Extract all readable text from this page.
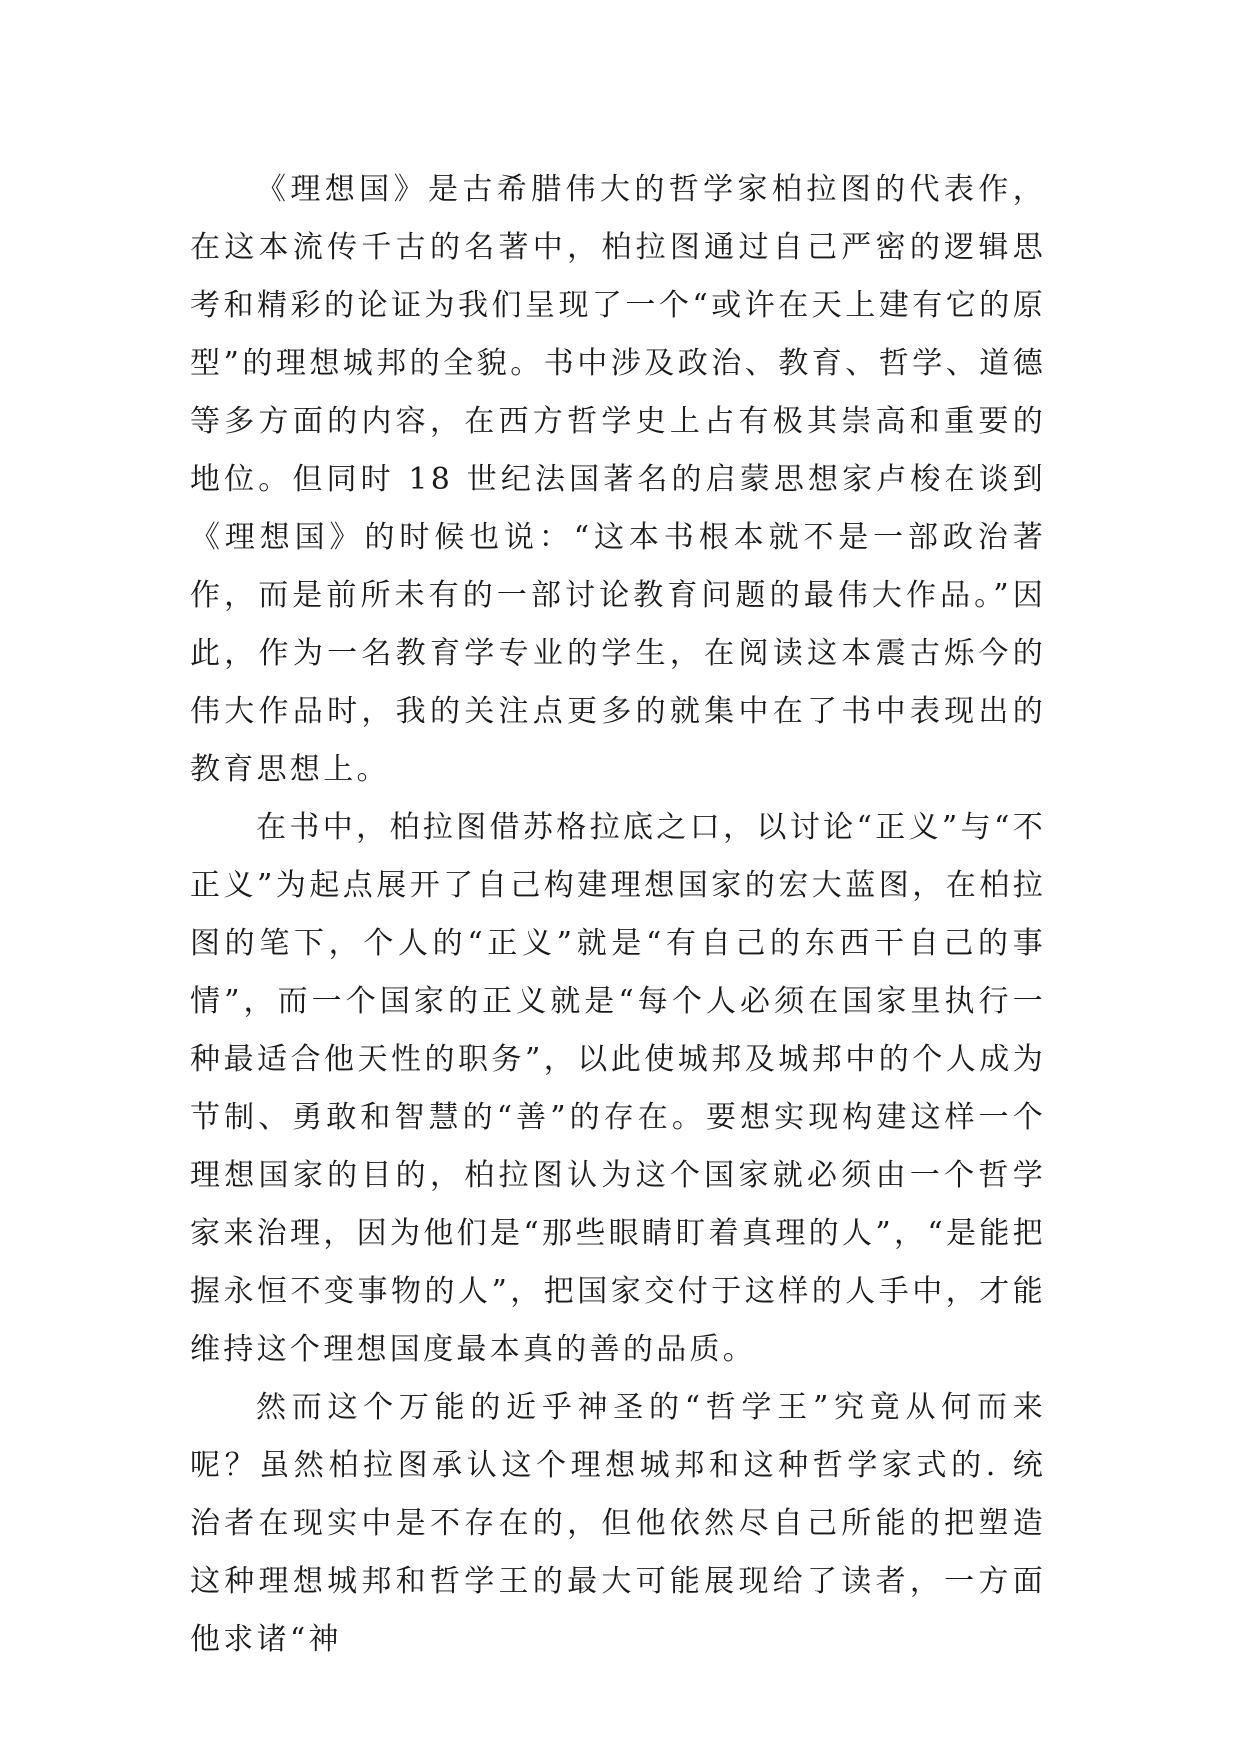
《理想国》是古希腊伟大的哲学家柏拉图的代表作，在这本流传千古的名著中，柏拉图通过自己严密的逻辑思考和精彩的论证为我们呈现了一个“或许在天上建有它的原型”的理想城邦的全貌。书中涉及政治、教育、哲学、道德等多方面的内容，在西方哲学史上占有极其崇高和重要的地位。但同时 18 世纪法国著名的启蒙思想家卢梭在谈到《理想国》的时候也说：“这本书根本就不是一部政治著作，而是前所未有的一部讨论教育问题的最伟大作品。”因此，作为一名教育学专业的学生，在阅读这本震古烁今的伟大作品时，我的关注点更多的就集中在了书中表现出的教育思想上。

在书中，柏拉图借苏格拉底之口，以讨论“正义”与“不正义”为起点展开了自己构建理想国家的宏大蓝图，在柏拉图的笔下，个人的“正义”就是“有自己的东西干自己的事情”，而一个国家的正义就是“每个人必须在国家里执行一种最适合他天性的职务”，以此使城邦及城邦中的个人成为节制、勇敢和智慧的“善”的存在。要想实现构建这样一个理想国家的目的，柏拉图认为这个国家就必须由一个哲学家来治理，因为他们是“那些眼睛盯着真理的人”，“是能把握永恒不变事物的人”，把国家交付于这样的人手中，才能维持这个理想国度最本真的善的品质。

然而这个万能的近乎神圣的“哲学王”究竟从何而来呢？虽然柏拉图承认这个理想城邦和这种哲学家式的. 统治者在现实中是不存在的，但他依然尽自己所能的把塑造这种理想城邦和哲学王的最大可能展现给了读者，一方面他求诸“神
